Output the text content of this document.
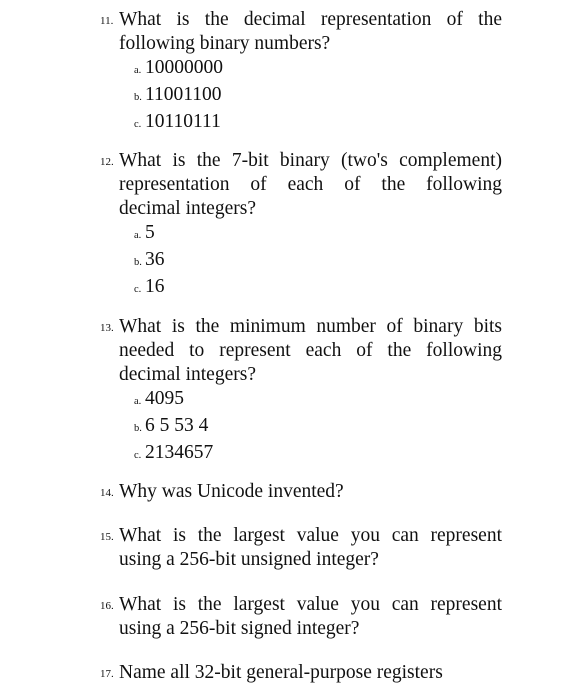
11. What is the decimal representation of the
following binary numbers?
a. 10000000
b. 11001100
c. 10110111
12. What is the 7-bit binary (two's complement)
representation of each of the following
decimal integers?
a. 5
b. 36
c. 16
13. What is the minimum number of binary bits
needed to represent each of the following
decimal integers?
a. 4095
b. 6 5 53 4
c. 2134657
14. Why was Unicode invented?
15. What is the largest value you can represent
using a 256-bit unsigned integer?
16. What is the largest value you can represent
using a 256-bit signed integer?
17. Name all 32-bit general-purpose registers
